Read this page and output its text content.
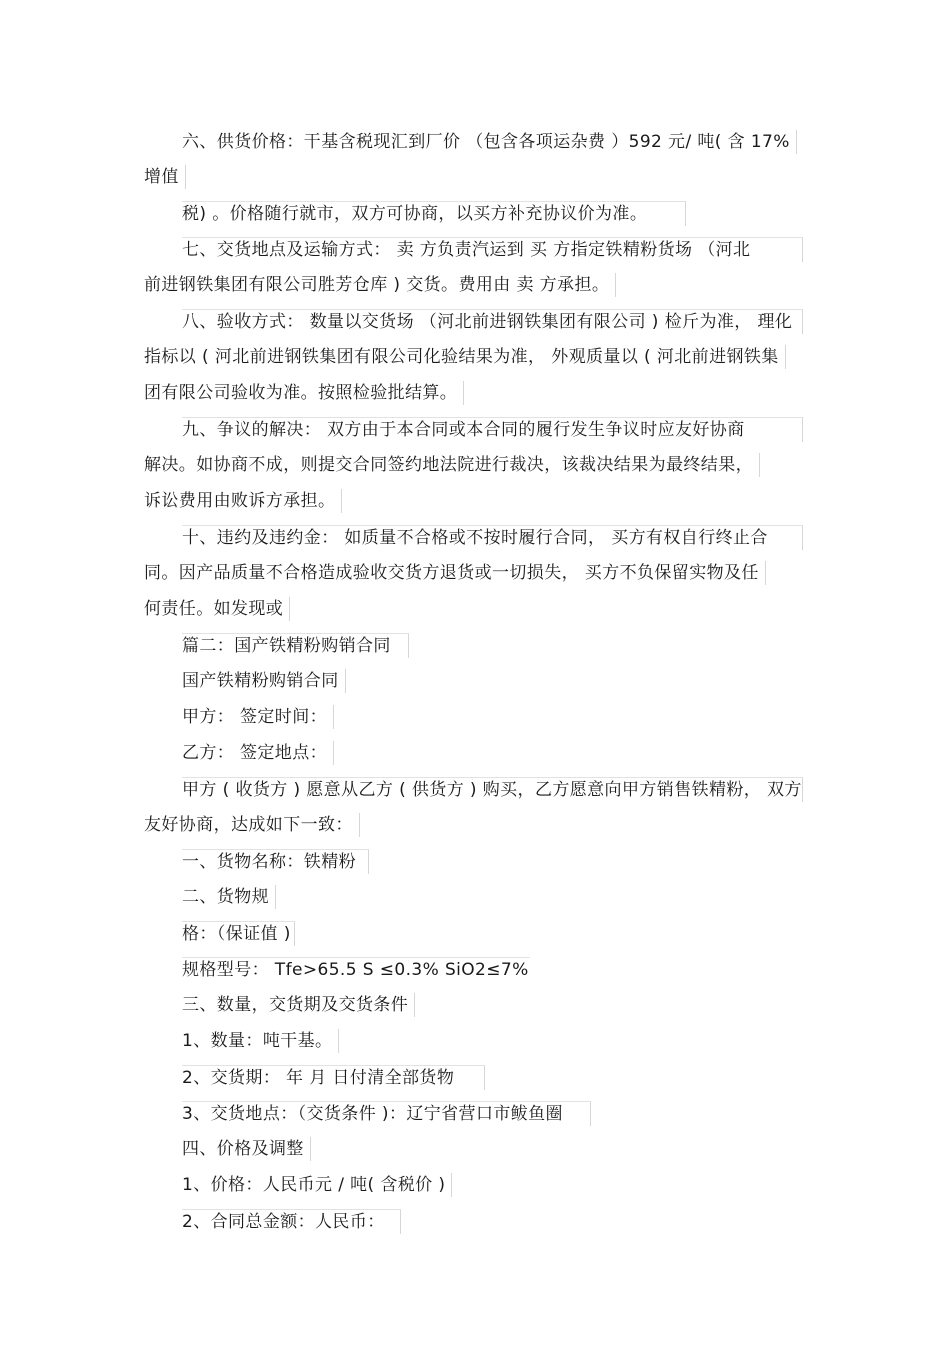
六、供货价格：干基含税现汇到厂价 （包含各项运杂费 ）592 元/ 吨( 含 17%
增值
税) 。价格随行就市，双方可协商，以买方补充协议价为准。
七、交货地点及运输方式： 卖 方负责汽运到 买 方指定铁精粉货场 （河北
前进钢铁集团有限公司胜芳仓库 ) 交货。费用由 卖 方承担。
八、验收方式： 数量以交货场 （河北前进钢铁集团有限公司 ) 检斤为准， 理化
指标以 ( 河北前进钢铁集团有限公司化验结果为准， 外观质量以 ( 河北前进钢铁集
团有限公司验收为准。按照检验批结算。
九、争议的解决： 双方由于本合同或本合同的履行发生争议时应友好协商
解决。如协商不成，则提交合同签约地法院进行裁决，该裁决结果为最终结果，
诉讼费用由败诉方承担。
十、违约及违约金： 如质量不合格或不按时履行合同， 买方有权自行终止合
同。因产品质量不合格造成验收交货方退货或一切损失， 买方不负保留实物及任
何责任。如发现或
篇二：国产铁精粉购销合同
国产铁精粉购销合同
甲方： 签定时间：
乙方： 签定地点：
甲方 ( 收货方 ) 愿意从乙方 ( 供货方 ) 购买，乙方愿意向甲方销售铁精粉， 双方
友好协商，达成如下一致：
一、货物名称：铁精粉
二、货物规
格：（保证值 )
规格型号： Tfe>65.5 S ≤0.3% SiO2≤7%
三、数量，交货期及交货条件
1、数量：吨干基。
2、交货期： 年 月 日付清全部货物
3、交货地点：（交货条件 )：辽宁省营口市鲅鱼圈
四、价格及调整
1、价格：人民币元 / 吨( 含税价 )
2、合同总金额：人民币：
